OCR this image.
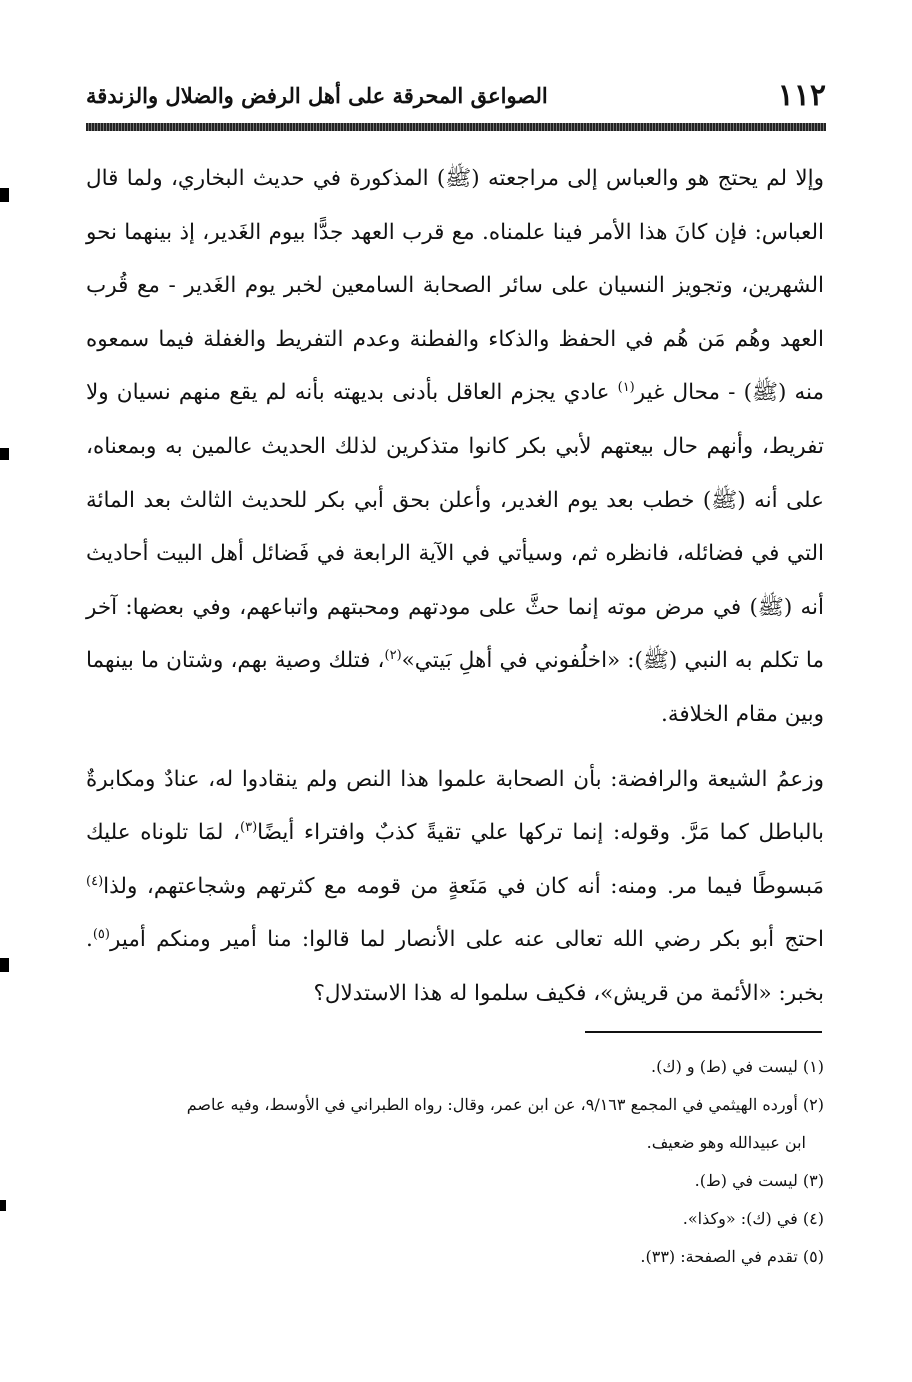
١١٢
الصواعق المحرقة على أهل الرفض والضلال والزندقة

وإلا لم يحتج هو والعباس إلى مراجعته (ﷺ) المذكورة في حديث البخاري، ولما قال العباس: فإن كانَ هذا الأمر فينا علمناه. مع قرب العهد جدًّا بيوم الغَدير، إذ بينهما نحو الشهرين، وتجويز النسيان على سائر الصحابة السامعين لخبر يوم الغَدير - مع قُرب العهد وهُم مَن هُم في الحفظ والذكاء والفطنة وعدم التفريط والغفلة فيما سمعوه منه (ﷺ) - محال غير$^{(١)}$ عادي يجزم العاقل بأدنى بديهته بأنه لم يقع منهم نسيان ولا تفريط، وأنهم حال بيعتهم لأبي بكر كانوا متذكرين لذلك الحديث عالمين به وبمعناه، على أنه (ﷺ) خطب بعد يوم الغدير، وأعلن بحق أبي بكر للحديث الثالث بعد المائة التي في فضائله، فانظره ثم، وسيأتي في الآية الرابعة في فَضائل أهل البيت أحاديث أنه (ﷺ) في مرض موته إنما حثَّ على مودتهم ومحبتهم واتباعهم، وفي بعضها: آخر ما تكلم به النبي (ﷺ): «اخلُفوني في أهلِ بَيتي»$^{(٢)}$، فتلك وصية بهم، وشتان ما بينهما وبين مقام الخلافة.

وزعمُ الشيعة والرافضة: بأن الصحابة علموا هذا النص ولم ينقادوا له، عنادٌ ومكابرةٌ بالباطل كما مَرَّ. وقوله: إنما تركها علي تقيةً كذبٌ وافتراء أيضًا$^{(٣)}$، لمَا تلوناه عليك مَبسوطًا فيما مر. ومنه: أنه كان في مَنَعةٍ من قومه مع كثرتهم وشجاعتهم، ولذا$^{(٤)}$ احتج أبو بكر رضي الله تعالى عنه على الأنصار لما قالوا: منا أمير ومنكم أمير$^{(٥)}$. بخبر: «الأئمة من قريش»، فكيف سلموا له هذا الاستدلال؟

(١) ليست في (ط) و (ك).

(٢) أورده الهيثمي في المجمع ٩/١٦٣، عن ابن عمر، وقال: رواه الطبراني في الأوسط، وفيه عاصم

ابن عبيدالله وهو ضعيف.

(٣) ليست في (ط).

(٤) في (ك): «وكذا».

(٥) تقدم في الصفحة: (٣٣).
